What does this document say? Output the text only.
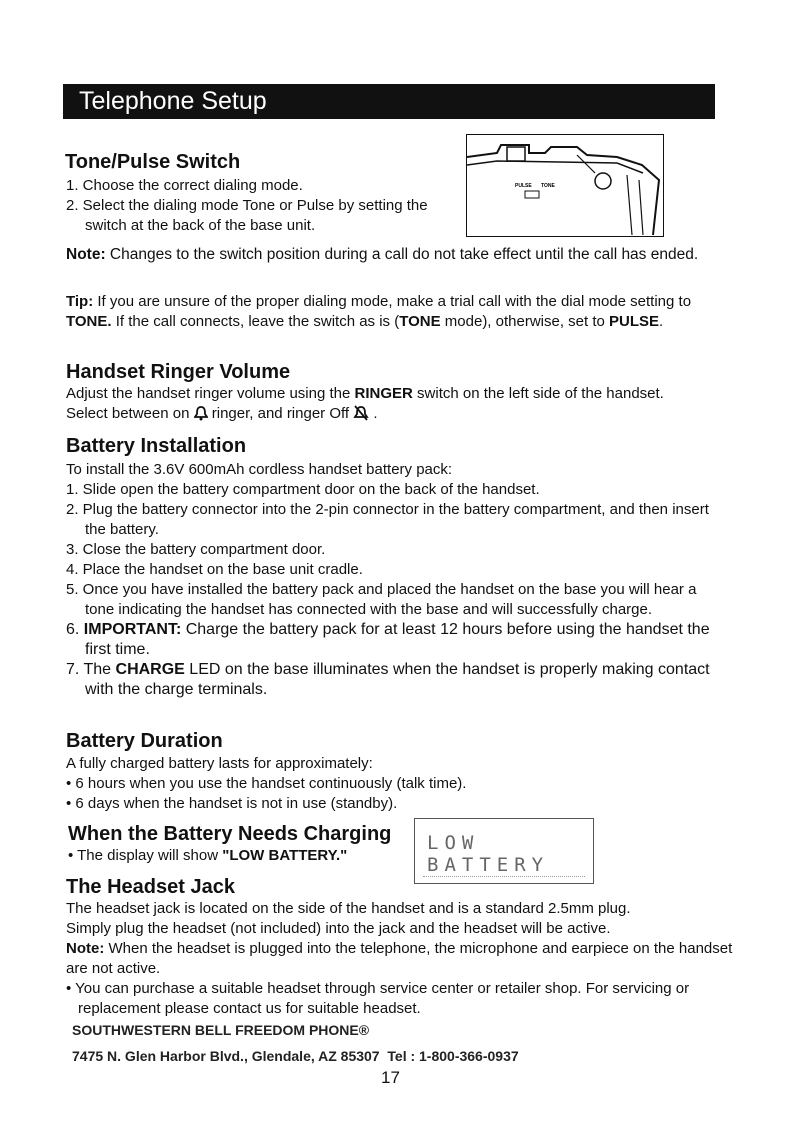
Telephone Setup
Tone/Pulse Switch
1. Choose the correct dialing mode.
2. Select the dialing mode Tone or Pulse by setting the switch at the back of the base unit.
PULSE TONE
Note: Changes to the switch position during a call do not take effect until the call has ended.
Tip: If you are unsure of the proper dialing mode, make a trial call with the dial mode setting to TONE. If the call connects, leave the switch as is (TONE mode), otherwise, set to PULSE.
Handset Ringer Volume
Adjust the handset ringer volume using the RINGER switch on the left side of the handset. Select between on  ringer, and ringer Off  .
Battery Installation
To install the 3.6V 600mAh cordless handset battery pack:
1. Slide open the battery compartment door on the back of the handset.
2. Plug the battery connector into the 2-pin connector in the battery compartment, and then insert the battery.
3. Close the battery compartment door.
4. Place the handset on the base unit cradle.
5. Once you have installed the battery pack and placed the handset on the base you will hear a tone indicating the handset has connected with the base and will successfully charge.
6. IMPORTANT: Charge the battery pack for at least 12 hours before using the handset the first time.
7. The CHARGE LED on the base illuminates when the handset is properly making contact with the charge terminals.
Battery Duration
A fully charged battery lasts for approximately:
• 6 hours when you use the handset continuously (talk time).
• 6 days when the handset is not in use (standby).
When the Battery Needs Charging
• The display will show "LOW BATTERY."
LOW BATTERY
The Headset Jack
The headset jack is located on the side of the handset and is a standard 2.5mm plug.
Simply plug the headset (not included) into the jack and the headset will be active.
Note: When the headset is plugged into the telephone, the microphone and earpiece on the handset are not active.
• You can purchase a suitable headset through service center or retailer shop. For servicing or replacement please contact us for suitable headset.
SOUTHWESTERN BELL FREEDOM PHONE®
7475 N. Glen Harbor Blvd., Glendale, AZ 85307 Tel : 1-800-366-0937
17
